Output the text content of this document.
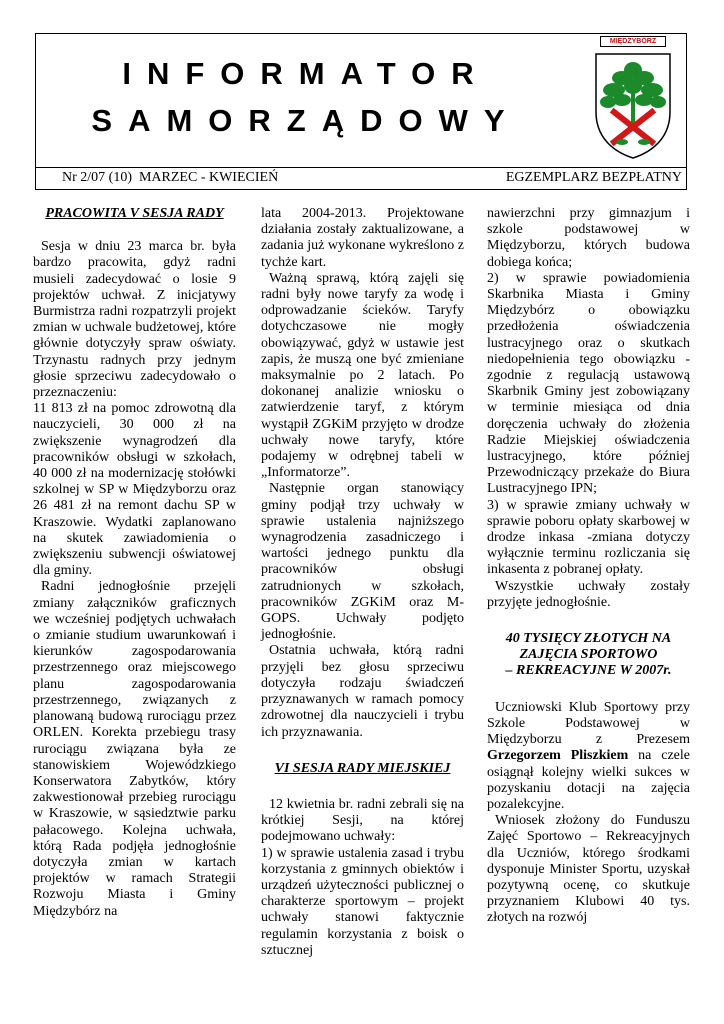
INFORMATOR
SAMORZĄDOWY
MIĘDZYBÓRZ
Nr 2/07 (10)  MARZEC - KWIECIEŃ	EGZEMPLARZ BEZPŁATNY

PRACOWITA V SESJA RADY

Sesja w dniu 23 marca br. była bardzo pracowita, gdyż radni musieli zadecydować o losie 9 projektów uchwał. Z inicjatywy Burmistrza radni rozpatrzyli projekt zmian w uchwale budżetowej, które głównie dotyczyły spraw oświaty. Trzynastu radnych przy jednym głosie sprzeciwu zadecydowało o przeznaczeniu:

11 813 zł na pomoc zdrowotną dla nauczycieli, 30 000 zł na zwiększenie wynagrodzeń dla pracowników obsługi w szkołach, 40 000 zł na modernizację stołówki szkolnej w SP w Międzyborzu oraz 26 481 zł na remont dachu SP w Kraszowie. Wydatki zaplanowano na skutek zawiadomienia o zwiększeniu subwencji oświatowej dla gminy.

Radni jednogłośnie przejęli zmiany załączników graficznych we wcześniej podjętych uchwałach o zmianie studium uwarunkowań i kierunków zagospodarowania przestrzennego oraz miejscowego planu zagospodarowania przestrzennego, związanych z planowaną budową rurociągu przez ORLEN. Korekta przebiegu trasy rurociągu związana była ze stanowiskiem Wojewódzkiego Konserwatora Zabytków, który zakwestionował przebieg rurociągu w Kraszowie, w sąsiedztwie parku pałacowego. Kolejna uchwała, którą Rada podjęła jednogłośnie dotyczyła zmian w kartach projektów w ramach Strategii Rozwoju Miasta i Gminy Międzybórz na

lata 2004-2013. Projektowane działania zostały zaktualizowane, a zadania już wykonane wykreślono z tychże kart.

Ważną sprawą, którą zajęli się radni były nowe taryfy za wodę i odprowadzanie ścieków. Taryfy dotychczasowe nie mogły obowiązywać, gdyż w ustawie jest zapis, że muszą one być zmieniane maksymalnie po 2 latach. Po dokonanej analizie wniosku o zatwierdzenie taryf, z którym wystąpił ZGKiM przyjęto w drodze uchwały nowe taryfy, które podajemy w odrębnej tabeli w „Informatorze”.

Następnie organ stanowiący gminy podjął trzy uchwały w sprawie ustalenia najniższego wynagrodzenia zasadniczego i wartości jednego punktu dla pracowników obsługi zatrudnionych w szkołach, pracowników ZGKiM oraz M-GOPS. Uchwały podjęto jednogłośnie.

Ostatnia uchwała, którą radni przyjęli bez głosu sprzeciwu dotyczyła rodzaju świadczeń przyznawanych w ramach pomocy zdrowotnej dla nauczycieli i trybu ich przyznawania.

VI SESJA RADY MIEJSKIEJ

12 kwietnia br. radni zebrali się na krótkiej Sesji, na której podejmowano uchwały:

1) w sprawie ustalenia zasad i trybu korzystania z gminnych obiektów i urządzeń użyteczności publicznej o charakterze sportowym – projekt uchwały stanowi faktycznie regulamin korzystania z boisk o sztucznej

nawierzchni przy gimnazjum i szkole podstawowej w Międzyborzu, których budowa dobiega końca;

2) w sprawie powiadomienia Skarbnika Miasta i Gminy Międzybórz o obowiązku przedłożenia oświadczenia lustracyjnego oraz o skutkach niedopełnienia tego obowiązku - zgodnie z regulacją ustawową Skarbnik Gminy jest zobowiązany w terminie miesiąca od dnia doręczenia uchwały do złożenia Radzie Miejskiej oświadczenia lustracyjnego, które później Przewodniczący przekaże do Biura Lustracyjnego IPN;

3) w sprawie zmiany uchwały w sprawie poboru opłaty skarbowej w drodze inkasa -zmiana dotyczy wyłącznie terminu rozliczania się inkasenta z pobranej opłaty.

Wszystkie uchwały zostały przyjęte jednogłośnie.

40 TYSIĘCY ZŁOTYCH NA

ZAJĘCIA SPORTOWO

– REKREACYJNE W 2007r.

Uczniowski Klub Sportowy przy Szkole Podstawowej w Międzyborzu z Prezesem Grzegorzem Pliszkiem na czele osiągnął kolejny wielki sukces w pozyskaniu dotacji na zajęcia pozalekcyjne.

Wniosek złożony do Funduszu Zajęć Sportowo – Rekreacyjnych dla Uczniów, którego środkami dysponuje Minister Sportu, uzyskał pozytywną ocenę, co skutkuje przyznaniem Klubowi 40 tys. złotych na rozwój
